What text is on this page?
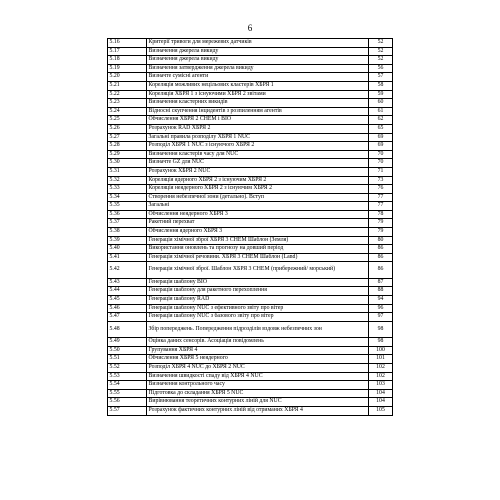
6
5.16	Критерії тривоги для мережевих датчиків	52
5.17	Визначення джерела викиду	52
5.18	Визначення джерела викиду	52
5.19	Визначення затвердження джерела викиду	56
5.20	Визначте сумісні агенти	57
5.21	Кореляція можливих нецільових кластерів ХБРЯ 1	58
5.22	Кореляція ХБРЯ 1 з існуючими ХБРЯ 2 звітами	59
5.23	Визначення кластерних викидів	60
5.24	Відносні скупчення інцидентів з розпиленням агентів	61
5.25	Обчислення ХБРЯ 2 CHEM і BIO	62
5.26	Розрахунок RAD ХБРЯ 2	65
5.27	Загальні правила розподілу ХБРЯ 1 NUC	69
5.28	Розподіл ХБРЯ 1 NUC з існуючого ХБРЯ 2	69
5.29	Визначення кластерів часу для NUC	70
5.30	Визначте GZ для NUC	70
5.31	Розрахунок ХБРЯ 2 NUC	71
5.32	Кореляція ядерного ХБРЯ 2 з існуючим ХБРЯ 2	73
5.33	Кореляція неядерного ХБРЯ 2 з існуючим ХБРЯ 2	76
5.34	Створення небезпечної зони (детально). Вступ	77
5.35	Загальні	77
5.36	Обчислення неядерного ХБРЯ 3	78
5.37	Ракетний перехват	79
5.38	Обчислення ядерного ХБРЯ 3	79
5.39	Генерація хімічної зброї ХБРЯ 3 CHEM Шаблон (Земля)	80
5.40	Використання оновлень та прогнозу на довший період	86
5.41	Генерація хімічної речовини. ХБРЯ 3 CHEM Шаблон (Land)	86
5.42	Генерація хімічної зброї. Шаблон ХБРЯ 3 CHEM (прибережний/ морський)	86
5.43	Генерація шаблону BIO	87
5.44	Генерація шаблону для ракетного перехоплення	88
5.45	Генерація шаблону RAD	94
5.46	Генерація шаблону NUC з ефективного звіту про вітер	96
5.47	Генерація шаблону NUC з базового звіту про вітер	97
5.48	Збір попереджень. Попередження підрозділів вздовж небезпечних зон	98
5.49	Оцінка даних сенсорів. Асоціація повідомлень	98
5.50	Групування ХБРЯ 4	100
5.51	Обчислення ХБРЯ 5 неядерного	101
5.52	Розподіл ХБРЯ 4 NUC до ХБРЯ 2 NUC	102
5.53	Визначення швидкості спаду від ХБРЯ 4 NUC	102
5.54	Визначення контрольного часу	103
5.55	Підготовка до складання ХБРЯ 5 NUC	104
5.56	Вирівнювання теоретичних контурних ліній для NUC	104
5.57	Розрахунок фактичних контурних ліній від отриманих ХБРЯ 4	105
